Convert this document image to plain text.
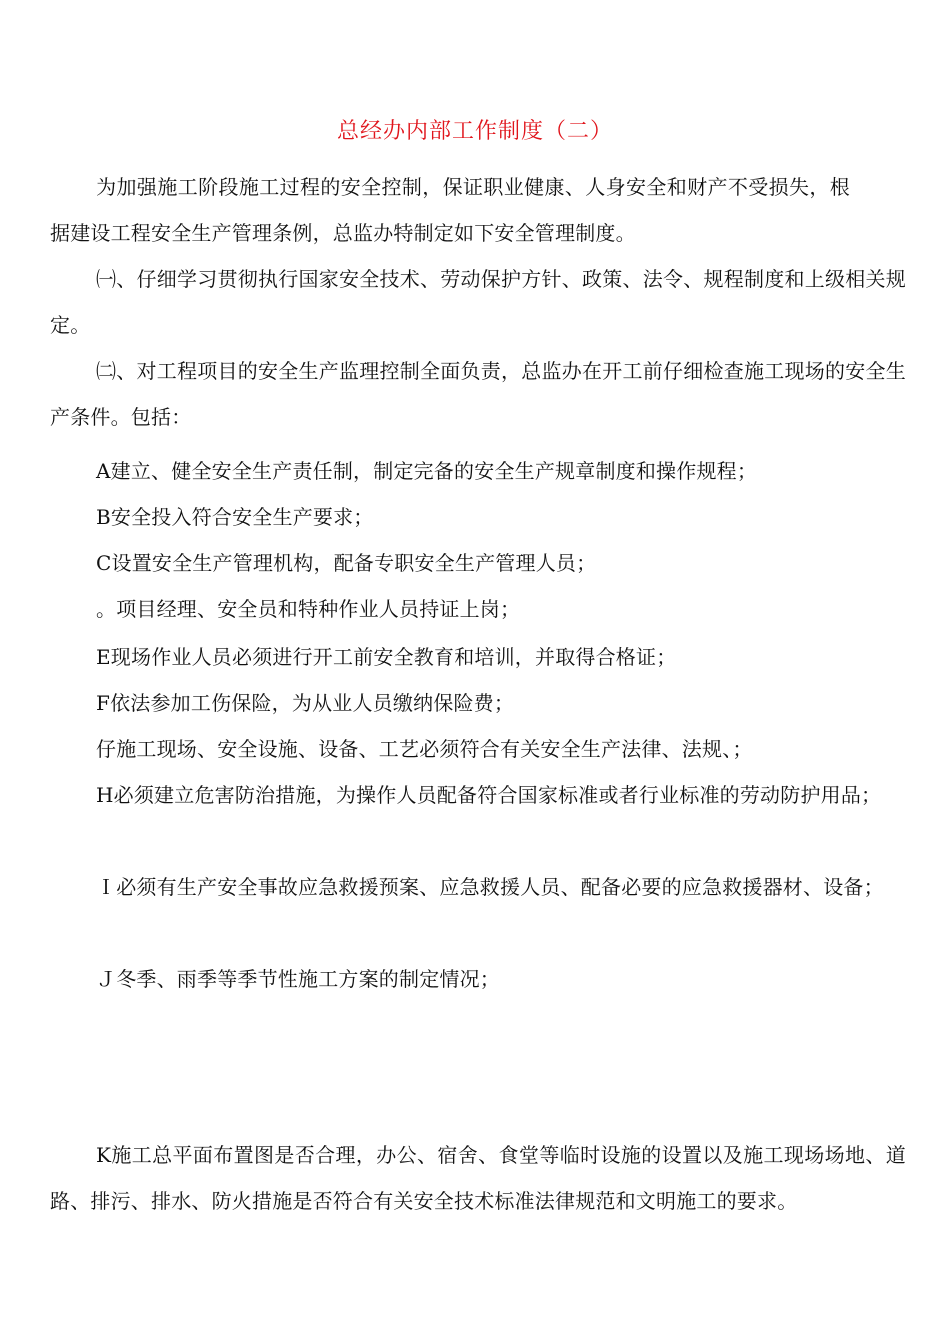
总经办内部工作制度（二）

为加强施工阶段施工过程的安全控制，保证职业健康、人身安全和财产不受损失，根据建设工程安全生产管理条例，总监办特制定如下安全管理制度。

㈠、仔细学习贯彻执行国家安全技术、劳动保护方针、政策、法令、规程制度和上级相关规定。

㈡、对工程项目的安全生产监理控制全面负责，总监办在开工前仔细检查施工现场的安全生产条件。包括：

A建立、健全安全生产责任制，制定完备的安全生产规章制度和操作规程；

B安全投入符合安全生产要求；

C设置安全生产管理机构，配备专职安全生产管理人员；

。项目经理、安全员和特种作业人员持证上岗；

E现场作业人员必须进行开工前安全教育和培训，并取得合格证；

F依法参加工伤保险，为从业人员缴纳保险费；

仔施工现场、安全设施、设备、工艺必须符合有关安全生产法律、法规、；

H必须建立危害防治措施，为操作人员配备符合国家标准或者行业标准的劳动防护用品；

Ｉ必须有生产安全事故应急救援预案、应急救援人员、配备必要的应急救援器材、设备；

Ｊ冬季、雨季等季节性施工方案的制定情况；

K施工总平面布置图是否合理，办公、宿舍、食堂等临时设施的设置以及施工现场场地、道路、排污、排水、防火措施是否符合有关安全技术标准法律规范和文明施工的要求。
